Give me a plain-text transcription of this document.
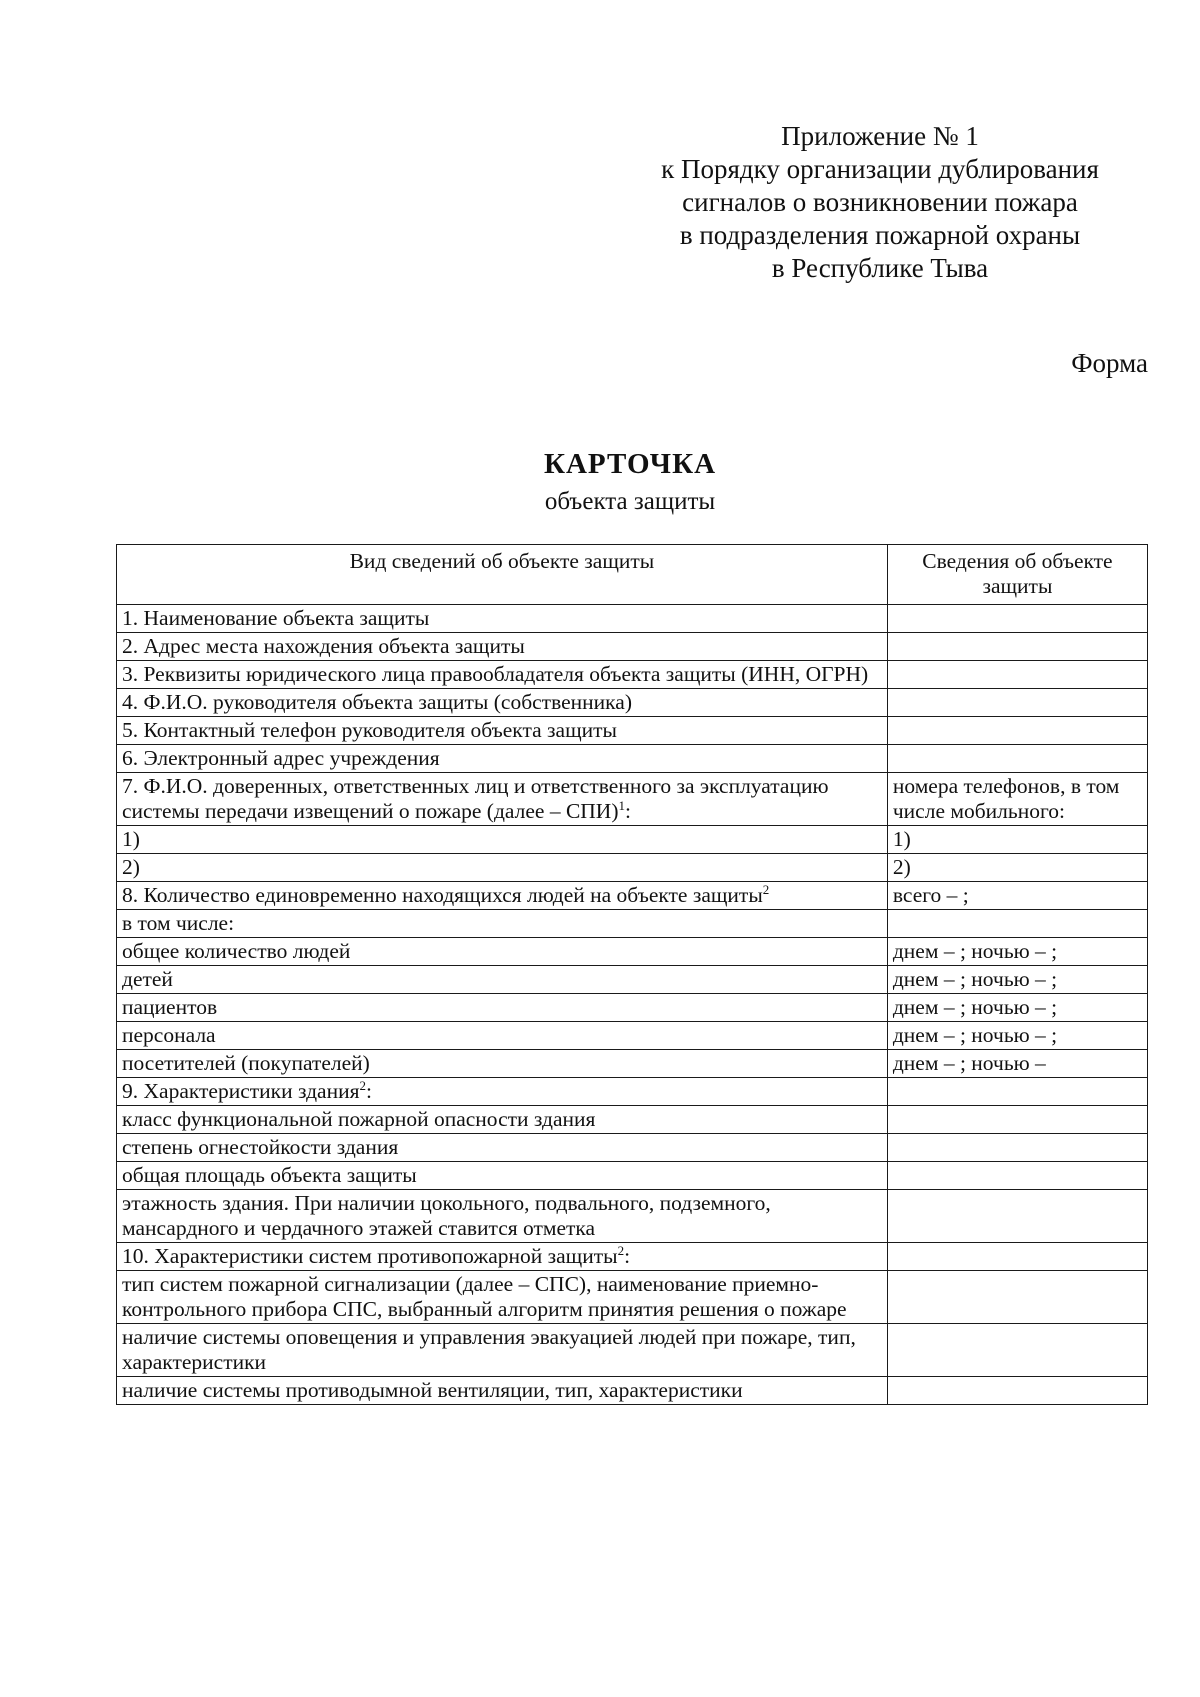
Приложение № 1
к Порядку организации дублирования
сигналов о возникновении пожара
в подразделения пожарной охраны
в Республике Тыва
Форма
КАРТОЧКА
объекта защиты
Вид сведений об объекте защиты	Сведения об объекте защиты
1. Наименование объекта защиты	
2. Адрес места нахождения объекта защиты	
3. Реквизиты юридического лица правообладателя объекта защиты (ИНН, ОГРН)	
4. Ф.И.О. руководителя объекта защиты (собственника)	
5. Контактный телефон руководителя объекта защиты	
6. Электронный адрес учреждения	
7. Ф.И.О. доверенных, ответственных лиц и ответственного за эксплуатацию системы передачи извещений о пожаре (далее – СПИ)$^1$:	номера телефонов, в том числе мобильного:
1)	1)
2)	2)
8. Количество единовременно находящихся людей на объекте защиты$^2$	всего – ;
в том числе:	
общее количество людей	днем – ; ночью – ;
детей	днем – ; ночью – ;
пациентов	днем – ; ночью – ;
персонала	днем – ; ночью – ;
посетителей (покупателей)	днем – ; ночью –
9. Характеристики здания$^2$:	
класс функциональной пожарной опасности здания	
степень огнестойкости здания	
общая площадь объекта защиты	
этажность здания. При наличии цокольного, подвального, подземного, мансардного и чердачного этажей ставится отметка	
10. Характеристики систем противопожарной защиты$^2$:	
тип систем пожарной сигнализации (далее – СПС), наименование приемно-контрольного прибора СПС, выбранный алгоритм принятия решения о пожаре	
наличие системы оповещения и управления эвакуацией людей при пожаре, тип, характеристики	
наличие системы противодымной вентиляции, тип, характеристики	
